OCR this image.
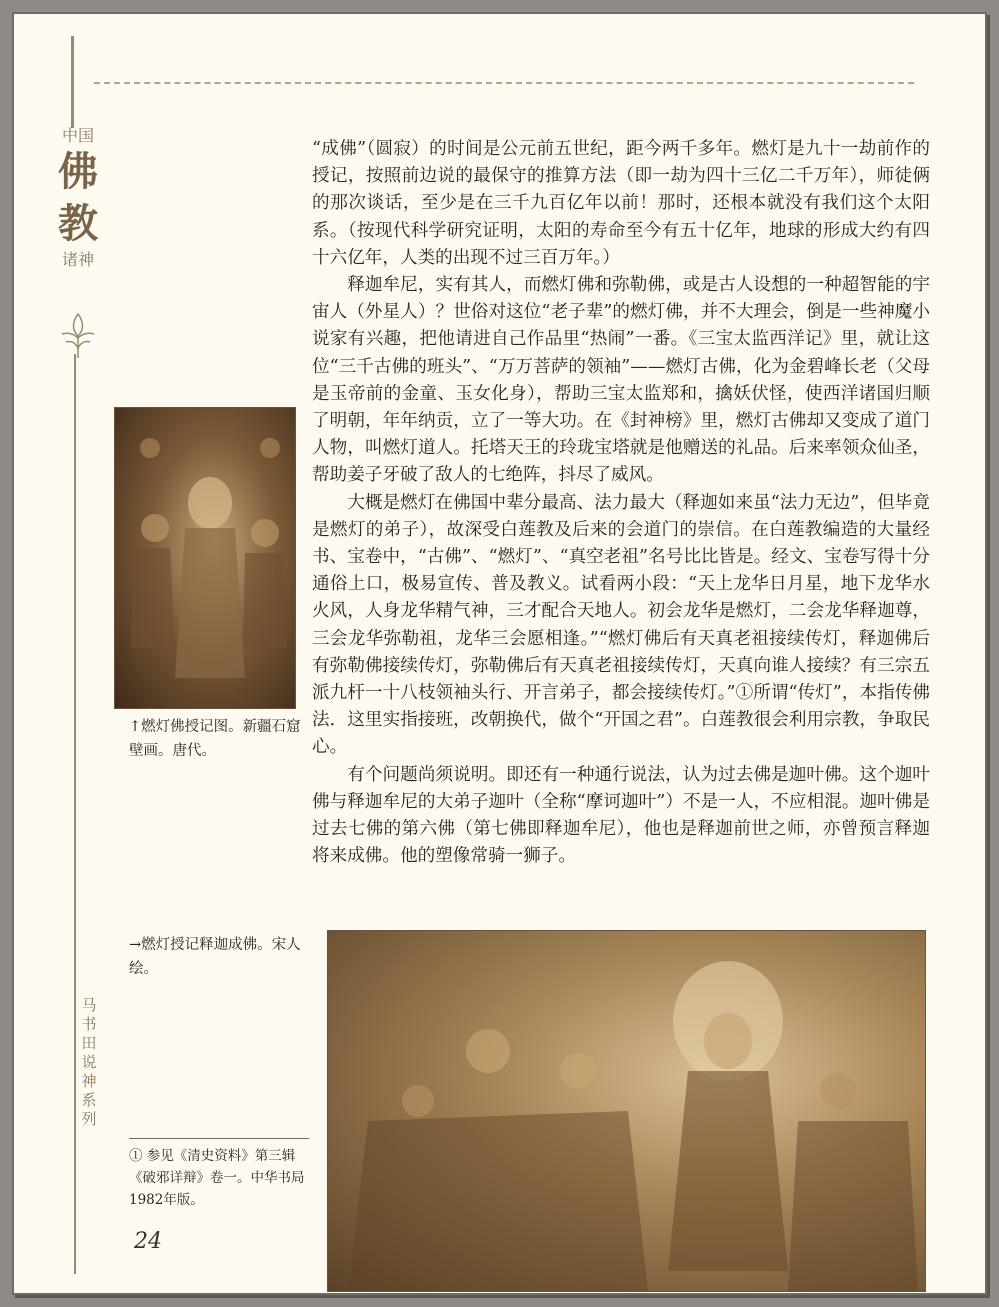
中国
佛
教
诸神
马书田说神系列
↑燃灯佛授记图。新疆石窟壁画。唐代。

“成佛”（圆寂）的时间是公元前五世纪，距今两千多年。燃灯是九十一劫前作的授记，按照前边说的最保守的推算方法（即一劫为四十三亿二千万年），师徒俩的那次谈话，至少是在三千九百亿年以前！那时，还根本就没有我们这个太阳系。（按现代科学研究证明，太阳的寿命至今有五十亿年，地球的形成大约有四十六亿年，人类的出现不过三百万年。）

释迦牟尼，实有其人，而燃灯佛和弥勒佛，或是古人设想的一种超智能的宇宙人（外星人）？世俗对这位“老子辈”的燃灯佛，并不大理会，倒是一些神魔小说家有兴趣，把他请进自己作品里“热闹”一番。《三宝太监西洋记》里，就让这位“三千古佛的班头”、“万万菩萨的领袖”——燃灯古佛，化为金碧峰长老（父母是玉帝前的金童、玉女化身），帮助三宝太监郑和，擒妖伏怪，使西洋诸国归顺了明朝，年年纳贡，立了一等大功。在《封神榜》里，燃灯古佛却又变成了道门人物，叫燃灯道人。托塔天王的玲珑宝塔就是他赠送的礼品。后来率领众仙圣，帮助姜子牙破了敌人的七绝阵，抖尽了威风。

大概是燃灯在佛国中辈分最高、法力最大（释迦如来虽“法力无边”，但毕竟是燃灯的弟子），故深受白莲教及后来的会道门的崇信。在白莲教编造的大量经书、宝卷中，“古佛”、“燃灯”、“真空老祖”名号比比皆是。经文、宝卷写得十分通俗上口，极易宣传、普及教义。试看两小段：“天上龙华日月星，地下龙华水火风，人身龙华精气神，三才配合天地人。初会龙华是燃灯，二会龙华释迦尊，三会龙华弥勒祖，龙华三会愿相逢。”“燃灯佛后有天真老祖接续传灯，释迦佛后有弥勒佛接续传灯，弥勒佛后有天真老祖接续传灯，天真向谁人接续？有三宗五派九杆一十八枝领袖头行、开言弟子，都会接续传灯。”①所谓“传灯”，本指传佛法．这里实指接班，改朝换代，做个“开国之君”。白莲教很会利用宗教，争取民心。

有个问题尚须说明。即还有一种通行说法，认为过去佛是迦叶佛。这个迦叶佛与释迦牟尼的大弟子迦叶（全称“摩诃迦叶”）不是一人，不应相混。迦叶佛是过去七佛的第六佛（第七佛即释迦牟尼），他也是释迦前世之师，亦曾预言释迦将来成佛。他的塑像常骑一狮子。

→燃灯授记释迦成佛。宋人绘。
① 参见《清史资料》第三辑《破邪详辩》卷一。中华书局1982年版。
24
